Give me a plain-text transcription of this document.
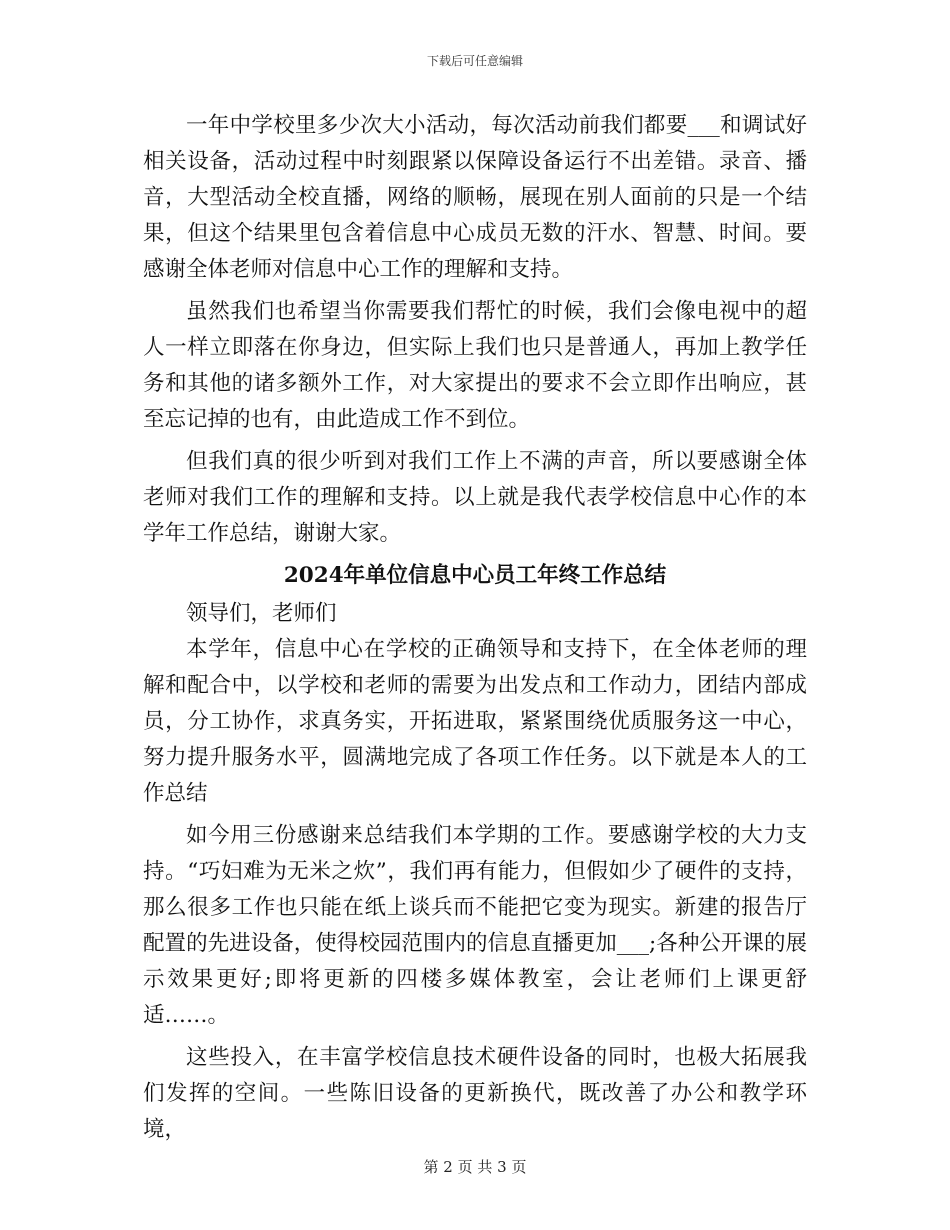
下载后可任意编辑

一年中学校里多少次大小活动，每次活动前我们都要___和调试好相关设备，活动过程中时刻跟紧以保障设备运行不出差错。录音、播音，大型活动全校直播，网络的顺畅，展现在别人面前的只是一个结果，但这个结果里包含着信息中心成员无数的汗水、智慧、时间。要感谢全体老师对信息中心工作的理解和支持。

虽然我们也希望当你需要我们帮忙的时候，我们会像电视中的超人一样立即落在你身边，但实际上我们也只是普通人，再加上教学任务和其他的诸多额外工作，对大家提出的要求不会立即作出响应，甚至忘记掉的也有，由此造成工作不到位。

但我们真的很少听到对我们工作上不满的声音，所以要感谢全体老师对我们工作的理解和支持。以上就是我代表学校信息中心作的本学年工作总结，谢谢大家。

2024年单位信息中心员工年终工作总结

领导们，老师们

本学年，信息中心在学校的正确领导和支持下，在全体老师的理解和配合中，以学校和老师的需要为出发点和工作动力，团结内部成员，分工协作，求真务实，开拓进取，紧紧围绕优质服务这一中心，努力提升服务水平，圆满地完成了各项工作任务。以下就是本人的工作总结

如今用三份感谢来总结我们本学期的工作。要感谢学校的大力支持。“巧妇难为无米之炊”，我们再有能力，但假如少了硬件的支持，那么很多工作也只能在纸上谈兵而不能把它变为现实。新建的报告厅配置的先进设备，使得校园范围内的信息直播更加___;各种公开课的展示效果更好;即将更新的四楼多媒体教室，会让老师们上课更舒适……。

这些投入，在丰富学校信息技术硬件设备的同时，也极大拓展我们发挥的空间。一些陈旧设备的更新换代，既改善了办公和教学环境，

第 2 页 共 3 页
